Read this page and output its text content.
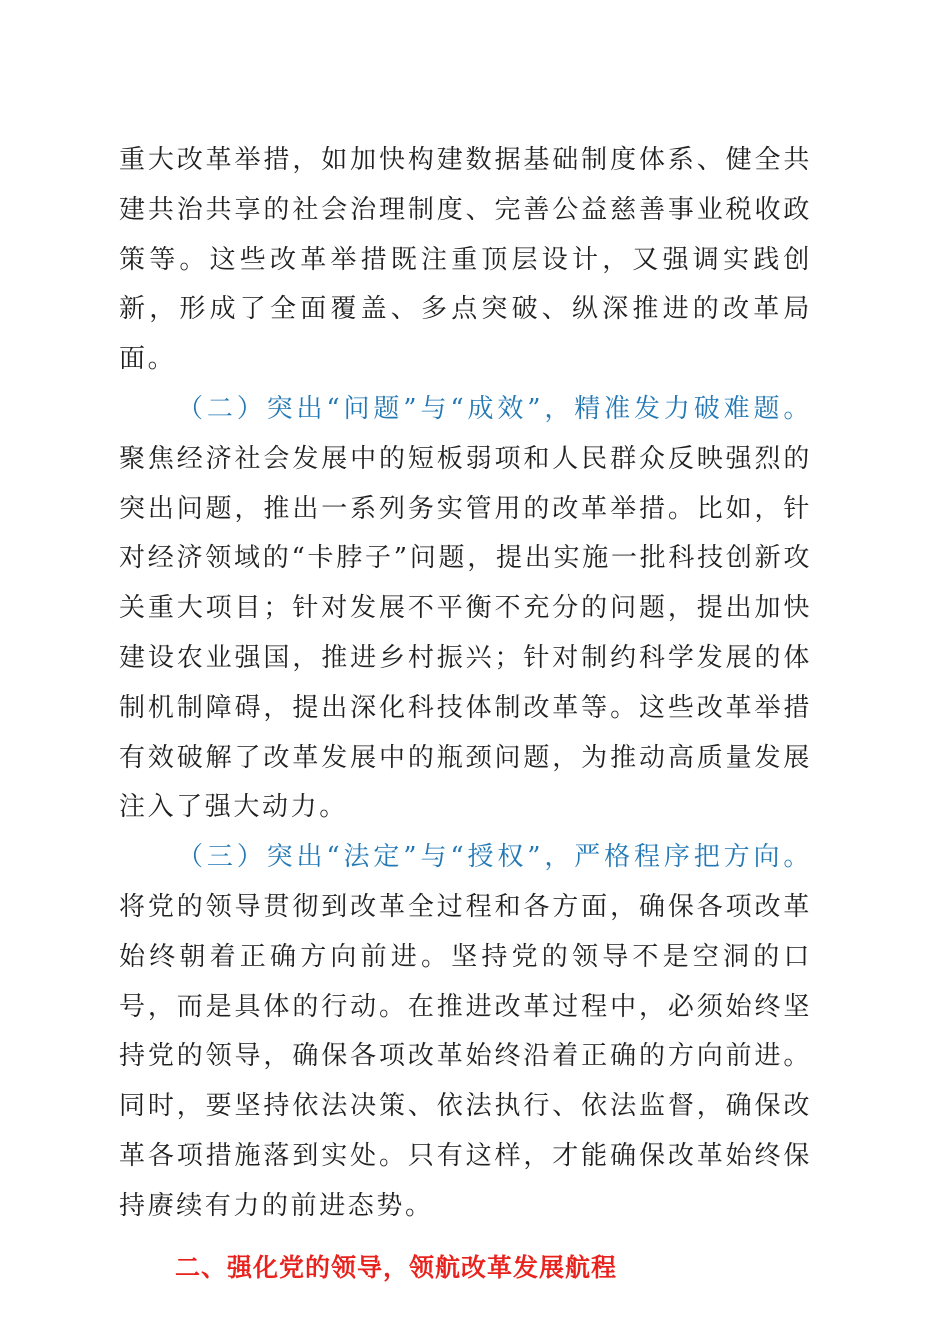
重大改革举措，如加快构建数据基础制度体系、健全共建共治共享的社会治理制度、完善公益慈善事业税收政策等。这些改革举措既注重顶层设计，又强调实践创新，形成了全面覆盖、多点突破、纵深推进的改革局面。

（二）突出“问题”与“成效”，精准发力破难题。聚焦经济社会发展中的短板弱项和人民群众反映强烈的突出问题，推出一系列务实管用的改革举措。比如，针对经济领域的“卡脖子”问题，提出实施一批科技创新攻关重大项目；针对发展不平衡不充分的问题，提出加快建设农业强国，推进乡村振兴；针对制约科学发展的体制机制障碍，提出深化科技体制改革等。这些改革举措有效破解了改革发展中的瓶颈问题，为推动高质量发展注入了强大动力。

（三）突出“法定”与“授权”，严格程序把方向。将党的领导贯彻到改革全过程和各方面，确保各项改革始终朝着正确方向前进。坚持党的领导不是空洞的口号，而是具体的行动。在推进改革过程中，必须始终坚持党的领导，确保各项改革始终沿着正确的方向前进。同时，要坚持依法决策、依法执行、依法监督，确保改革各项措施落到实处。只有这样，才能确保改革始终保持赓续有力的前进态势。

二、强化党的领导，领航改革发展航程
